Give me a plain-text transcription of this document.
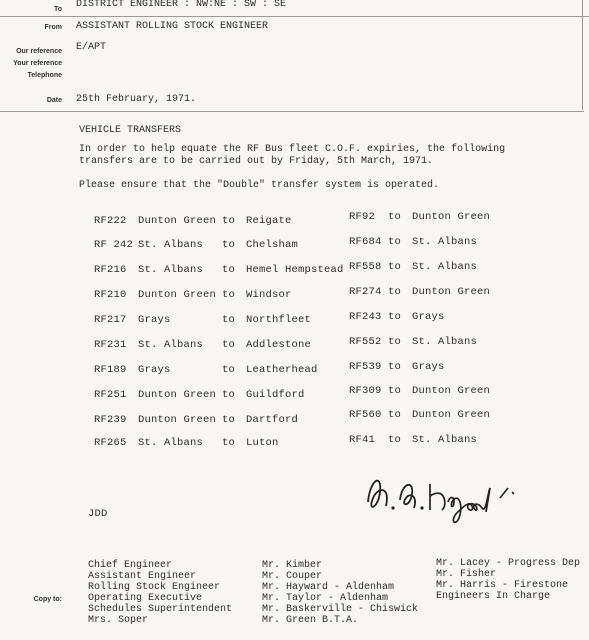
To DISTRICT ENGINEER : NW:NE : SW : SE
From ASSISTANT ROLLING STOCK ENGINEER
Our reference E/APT
Your reference
Telephone
Date 25th February, 1971.
VEHICLE TRANSFERS
In order to help equate the RF Bus fleet C.O.F. expiries, the following
transfers are to be carried out by Friday, 5th March, 1971.
Please ensure that the "Double" transfer system is operated.
RF222 Dunton Green to Reigate
RF 242 St. Albans to Chelsham
RF216 St. Albans to Hemel Hempstead
RF210 Dunton Green to Windsor
RF217 Grays	to Northfleet
RF231 St. Albans to Addlestone
RF189 Grays	to Leatherhead
RF251 Dunton Green to Guildford
RF239 Dunton Green to Dartford
RF265 St. Albans to Luton
RF92 to Dunton Green
RF684 to St. Albans
RF558 to St. Albans
RF274 to Dunton Green
RF243 to Grays
RF552 to St. Albans
RF539 to Grays
RF309 to Dunton Green
RF560 to Dunton Green
RF41 to St. Albans
JDD
Copy to:
Chief Engineer
Assistant Engineer
Rolling Stock Engineer
Operating Executive
Schedules Superintendent
Mrs. Soper
Mr. Kimber
Mr. Couper
Mr. Hayward - Aldenham
Mr. Taylor - Aldenham
Mr. Baskerville - Chiswick
Mr. Green B.T.A.
Mr. Lacey - Progress Dep
Mr. Fisher
Mr. Harris - Firestone
Engineers In Charge
